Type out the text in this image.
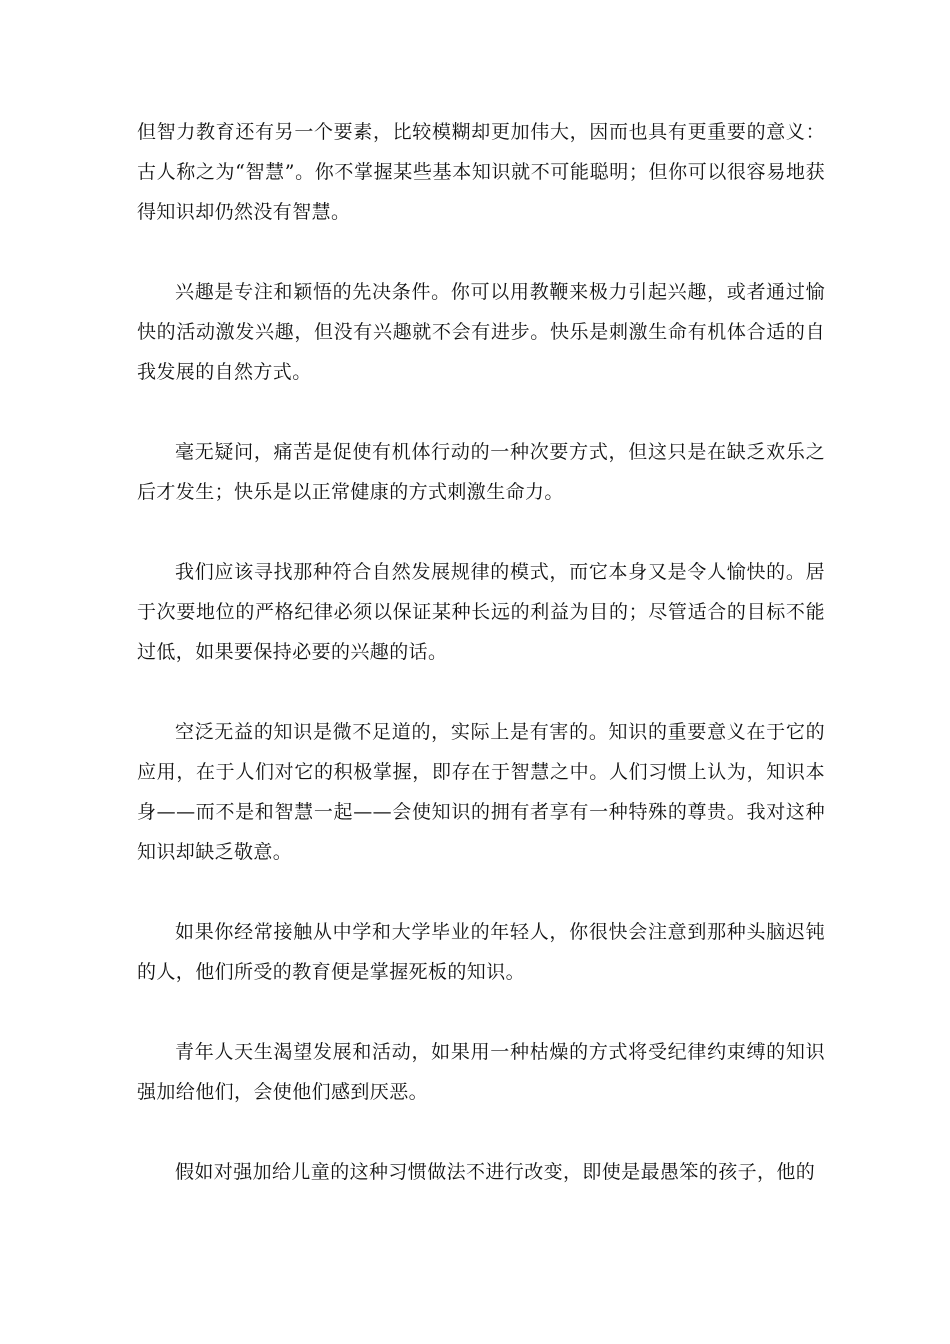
但智力教育还有另一个要素，比较模糊却更加伟大，因而也具有更重要的意义：古人称之为“智慧”。你不掌握某些基本知识就不可能聪明；但你可以很容易地获得知识却仍然没有智慧。

兴趣是专注和颖悟的先决条件。你可以用教鞭来极力引起兴趣，或者通过愉快的活动激发兴趣，但没有兴趣就不会有进步。快乐是刺激生命有机体合适的自我发展的自然方式。

毫无疑问，痛苦是促使有机体行动的一种次要方式，但这只是在缺乏欢乐之后才发生；快乐是以正常健康的方式刺激生命力。

我们应该寻找那种符合自然发展规律的模式，而它本身又是令人愉快的。居于次要地位的严格纪律必须以保证某种长远的利益为目的；尽管适合的目标不能过低，如果要保持必要的兴趣的话。

空泛无益的知识是微不足道的，实际上是有害的。知识的重要意义在于它的应用，在于人们对它的积极掌握，即存在于智慧之中。人们习惯上认为，知识本身——而不是和智慧一起——会使知识的拥有者享有一种特殊的尊贵。我对这种知识却缺乏敬意。

如果你经常接触从中学和大学毕业的年轻人，你很快会注意到那种头脑迟钝的人，他们所受的教育便是掌握死板的知识。

青年人天生渴望发展和活动，如果用一种枯燥的方式将受纪律约束缚的知识强加给他们，会使他们感到厌恶。

假如对强加给儿童的这种习惯做法不进行改变，即使是最愚笨的孩子，他的
